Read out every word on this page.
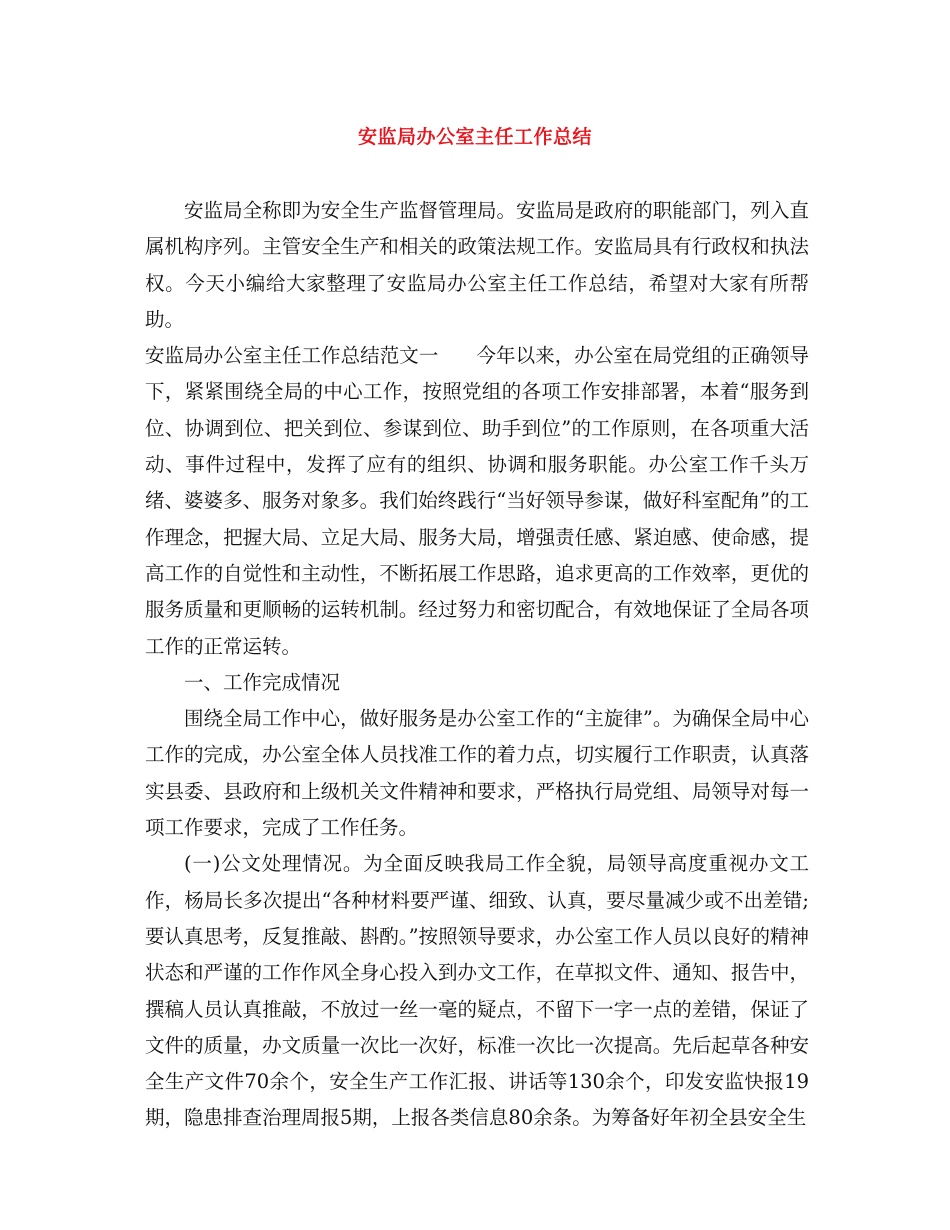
安监局办公室主任工作总结

安监局全称即为安全生产监督管理局。安监局是政府的职能部门，列入直属机构序列。主管安全生产和相关的政策法规工作。安监局具有行政权和执法权。今天小编给大家整理了安监局办公室主任工作总结，希望对大家有所帮助。

安监局办公室主任工作总结范文一 今年以来，办公室在局党组的正确领导下，紧紧围绕全局的中心工作，按照党组的各项工作安排部署，本着“服务到位、协调到位、把关到位、参谋到位、助手到位”的工作原则，在各项重大活动、事件过程中，发挥了应有的组织、协调和服务职能。办公室工作千头万绪、婆婆多、服务对象多。我们始终践行“当好领导参谋，做好科室配角”的工作理念，把握大局、立足大局、服务大局，增强责任感、紧迫感、使命感，提高工作的自觉性和主动性，不断拓展工作思路，追求更高的工作效率，更优的服务质量和更顺畅的运转机制。经过努力和密切配合，有效地保证了全局各项工作的正常运转。

一、工作完成情况

围绕全局工作中心，做好服务是办公室工作的“主旋律”。为确保全局中心工作的完成，办公室全体人员找准工作的着力点，切实履行工作职责，认真落实县委、县政府和上级机关文件精神和要求，严格执行局党组、局领导对每一项工作要求，完成了工作任务。

(一)公文处理情况。为全面反映我局工作全貌，局领导高度重视办文工作，杨局长多次提出“各种材料要严谨、细致、认真，要尽量减少或不出差错;要认真思考，反复推敲、斟酌。”按照领导要求，办公室工作人员以良好的精神状态和严谨的工作作风全身心投入到办文工作，在草拟文件、通知、报告中，撰稿人员认真推敲，不放过一丝一毫的疑点，不留下一字一点的差错，保证了文件的质量，办文质量一次比一次好，标准一次比一次提高。先后起草各种安全生产文件70余个，安全生产工作汇报、讲话等130余个，印发安监快报19期，隐患排查治理周报5期，上报各类信息80余条。为筹备好年初全县安全生
